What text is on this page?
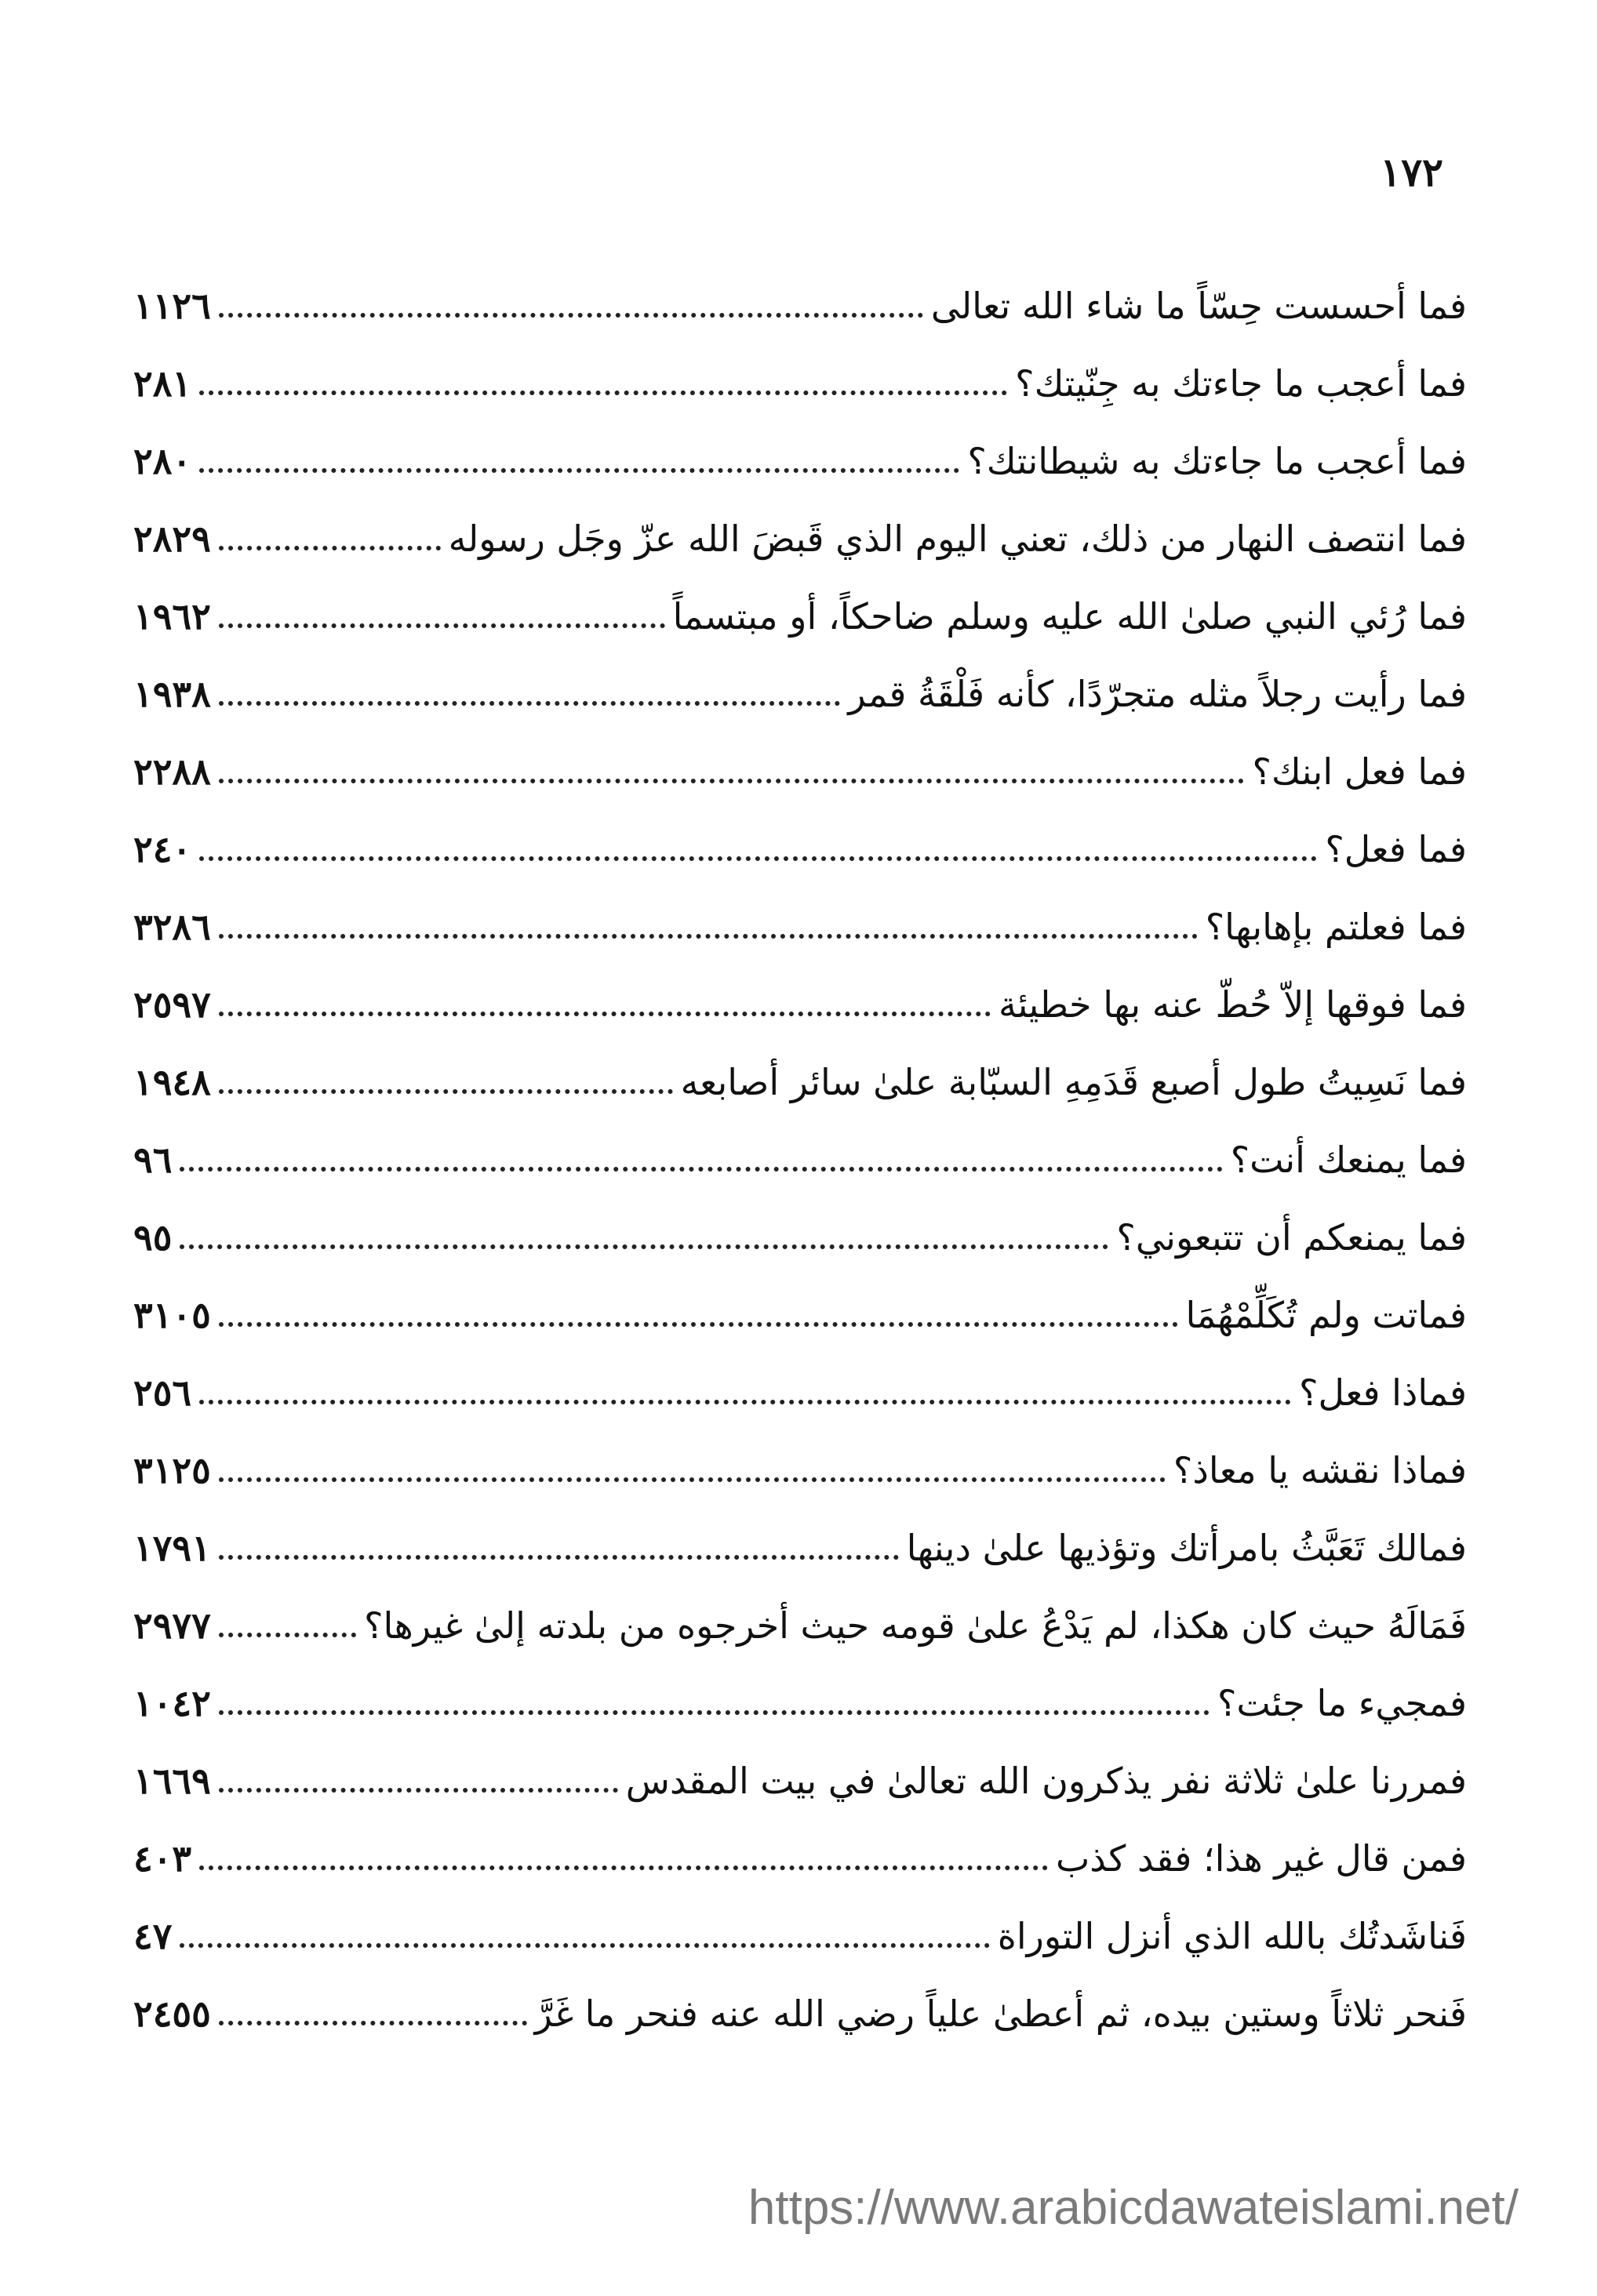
١٧٢
فما أحسست حِسّاً ما شاء الله تعالى
١١٢٦
فما أعجب ما جاءتك به جِنّيتك؟
٢٨١
فما أعجب ما جاءتك به شيطانتك؟
٢٨٠
فما انتصف النهار من ذلك، تعني اليوم الذي قَبضَ الله عزّ وجَل رسوله
٢٨٢٩
فما رُئي النبي صلىٰ الله عليه وسلم ضاحكاً، أو مبتسماً
١٩٦٢
فما رأيت رجلاً مثله متجرّدًا، كأنه فَلْقَةُ قمر
١٩٣٨
فما فعل ابنك؟
٢٢٨٨
فما فعل؟
٢٤٠
فما فعلتم بإهابها؟
٣٢٨٦
فما فوقها إلاّ حُطّ عنه بها خطيئة
٢٥٩٧
فما نَسِيتُ طول أصبع قَدَمِهِ السبّابة علىٰ سائر أصابعه
١٩٤٨
فما يمنعك أنت؟
٩٦
فما يمنعكم أن تتبعوني؟
٩٥
فماتت ولم تُكَلِّمْهُمَا
٣١٠٥
فماذا فعل؟
٢٥٦
فماذا نقشه يا معاذ؟
٣١٢٥
فمالك تَعَبَّثُ بامرأتك وتؤذيها علىٰ دينها
١٧٩١
فَمَالَهُ حيث كان هكذا، لم يَدْعُ علىٰ قومه حيث أخرجوه من بلدته إلىٰ غيرها؟
٢٩٧٧
فمجيء ما جئت؟
١٠٤٢
فمررنا علىٰ ثلاثة نفر يذكرون الله تعالىٰ في بيت المقدس
١٦٦٩
فمن قال غير هذا؛ فقد كذب
٤٠٣
فَناشَدتُك بالله الذي أنزل التوراة
٤٧
فَنحر ثلاثاً وستين بيده، ثم أعطىٰ علياً رضي الله عنه فنحر ما غَرَّ
٢٤٥٥
https://www.arabicdawateislami.net/
